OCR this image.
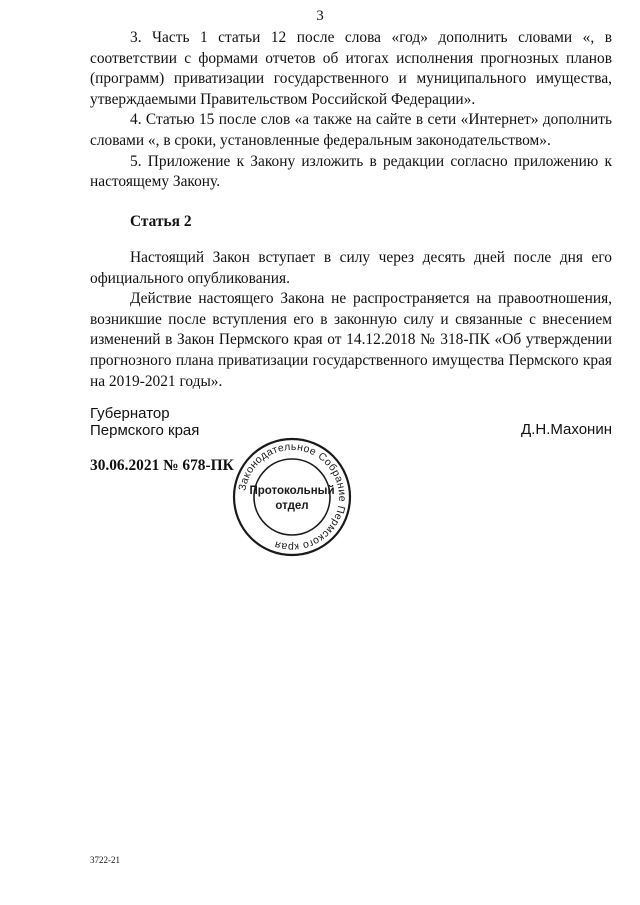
3

3. Часть 1 статьи 12 после слова «год» дополнить словами «, в соответствии с формами отчетов об итогах исполнения прогнозных планов (программ) приватизации государственного и муниципального имущества, утверждаемыми Правительством Российской Федерации».

4. Статью 15 после слов «а также на сайте в сети «Интернет» дополнить словами «, в сроки, установленные федеральным законодательством».

5. Приложение к Закону изложить в редакции согласно приложению к настоящему Закону.

Статья 2

Настоящий Закон вступает в силу через десять дней после дня его официального опубликования.

Действие настоящего Закона не распространяется на правоотношения, возникшие после вступления его в законную силу и связанные с внесением изменений в Закон Пермского края от 14.12.2018 № 318-ПК «Об утверждении прогнозного плана приватизации государственного имущества Пермского края на 2019-2021 годы».

Губернатор
Пермского края	Д.Н.Махонин
30.06.2021 № 678-ПК
Законодательное Собрание Пермского края
Протокольный
отдел
3722-21
